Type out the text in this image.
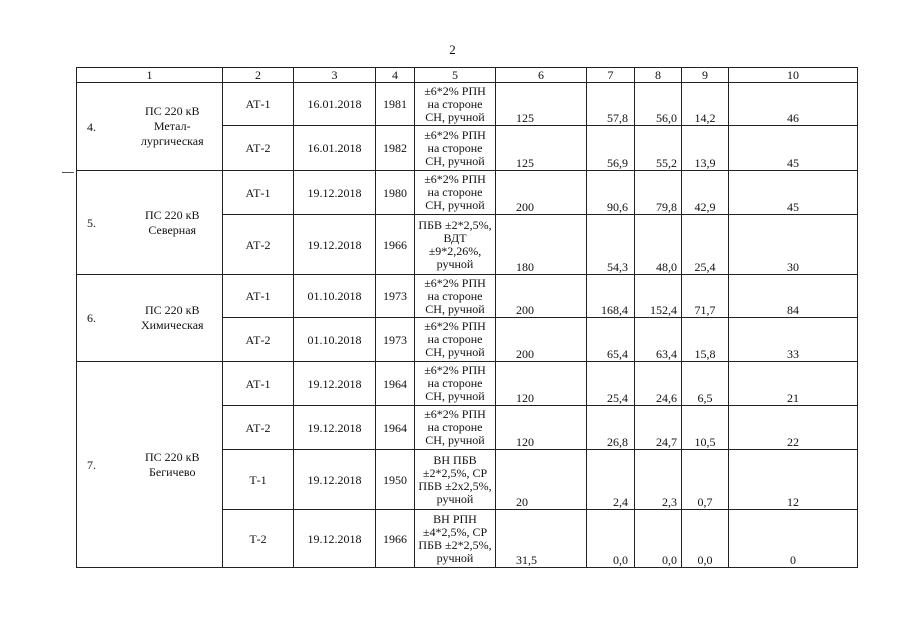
2
1		2	3	4	5	6	7	8	9	10
4.	ПС 220 кВ
Метал-
лургическая	АТ-1	16.01.2018	1981	±6*2% РПН
на стороне
СН, ручной	125	57,8	56,0	14,2	46
		АТ-2	16.01.2018	1982	±6*2% РПН
на стороне
СН, ручной	125	56,9	55,2	13,9	45
5.	ПС 220 кВ
Северная	АТ-1	19.12.2018	1980	±6*2% РПН
на стороне
СН, ручной	200	90,6	79,8	42,9	45
		АТ-2	19.12.2018	1966	ПБВ ±2*2,5%,
ВДТ
±9*2,26%,
ручной	180	54,3	48,0	25,4	30
6.	ПС 220 кВ
Химическая	АТ-1	01.10.2018	1973	±6*2% РПН
на стороне
СН, ручной	200	168,4	152,4	71,7	84
		АТ-2	01.10.2018	1973	±6*2% РПН
на стороне
СН, ручной	200	65,4	63,4	15,8	33
7.	ПС 220 кВ
Бегичево	АТ-1	19.12.2018	1964	±6*2% РПН
на стороне
СН, ручной	120	25,4	24,6	6,5	21
		АТ-2	19.12.2018	1964	±6*2% РПН
на стороне
СН, ручной	120	26,8	24,7	10,5	22
		Т-1	19.12.2018	1950	ВН ПБВ
±2*2,5%, СР
ПБВ ±2х2,5%,
ручной	20	2,4	2,3	0,7	12
		Т-2	19.12.2018	1966	ВН РПН
±4*2,5%, СР
ПБВ ±2*2,5%,
ручной	31,5	0,0	0,0	0,0	0
